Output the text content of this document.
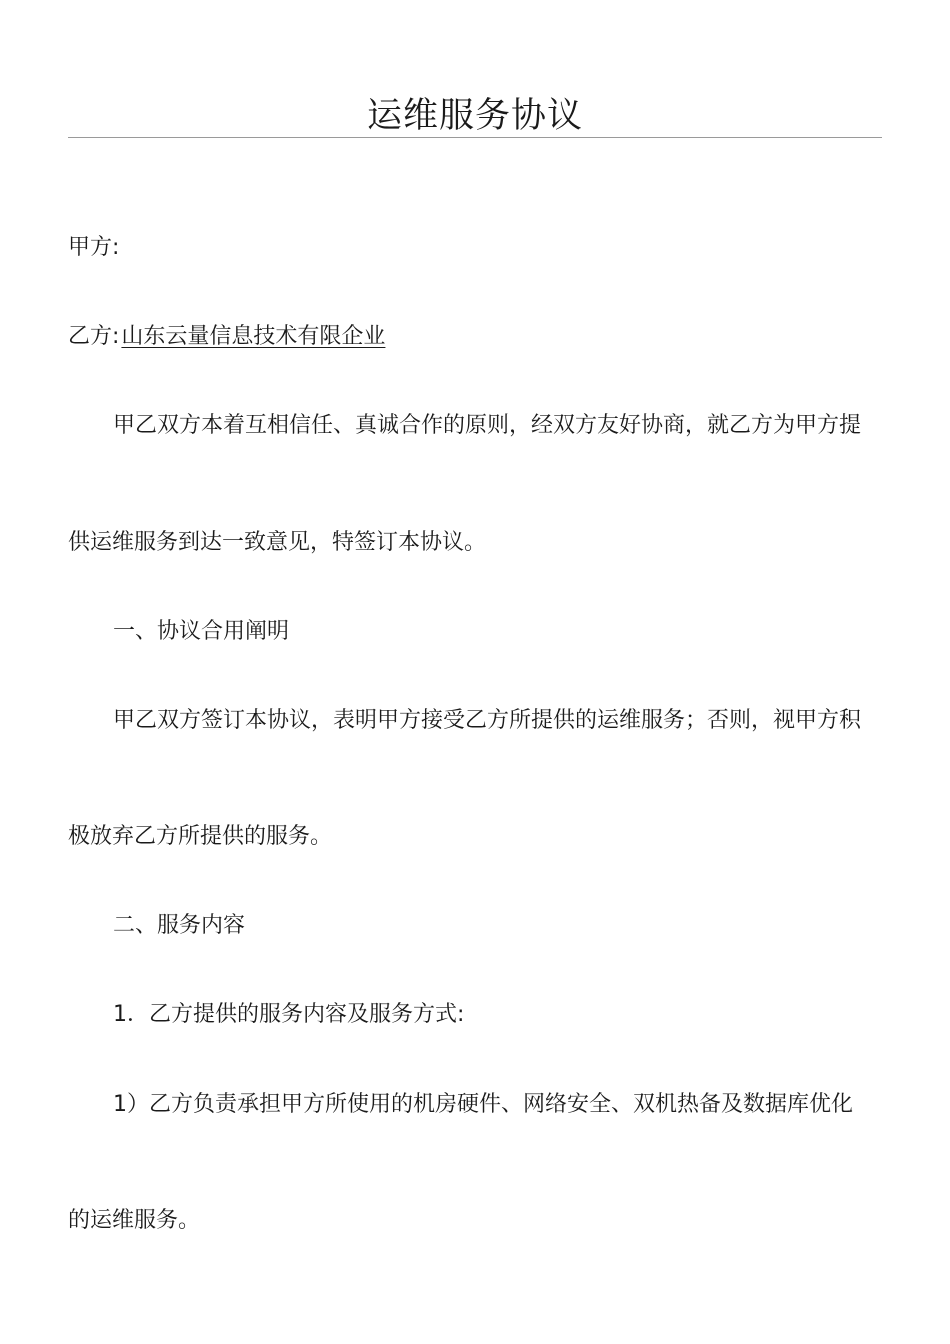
运维服务协议
甲方:
乙方:山东云量信息技术有限企业
甲乙双方本着互相信任、真诚合作的原则，经双方友好协商，就乙方为甲方提
供运维服务到达一致意见，特签订本协议。
一、协议合用阐明
甲乙双方签订本协议，表明甲方接受乙方所提供的运维服务；否则，视甲方积
极放弃乙方所提供的服务。
二、服务内容
1．乙方提供的服务内容及服务方式:
1）乙方负责承担甲方所使用的机房硬件、网络安全、双机热备及数据库优化
的运维服务。
